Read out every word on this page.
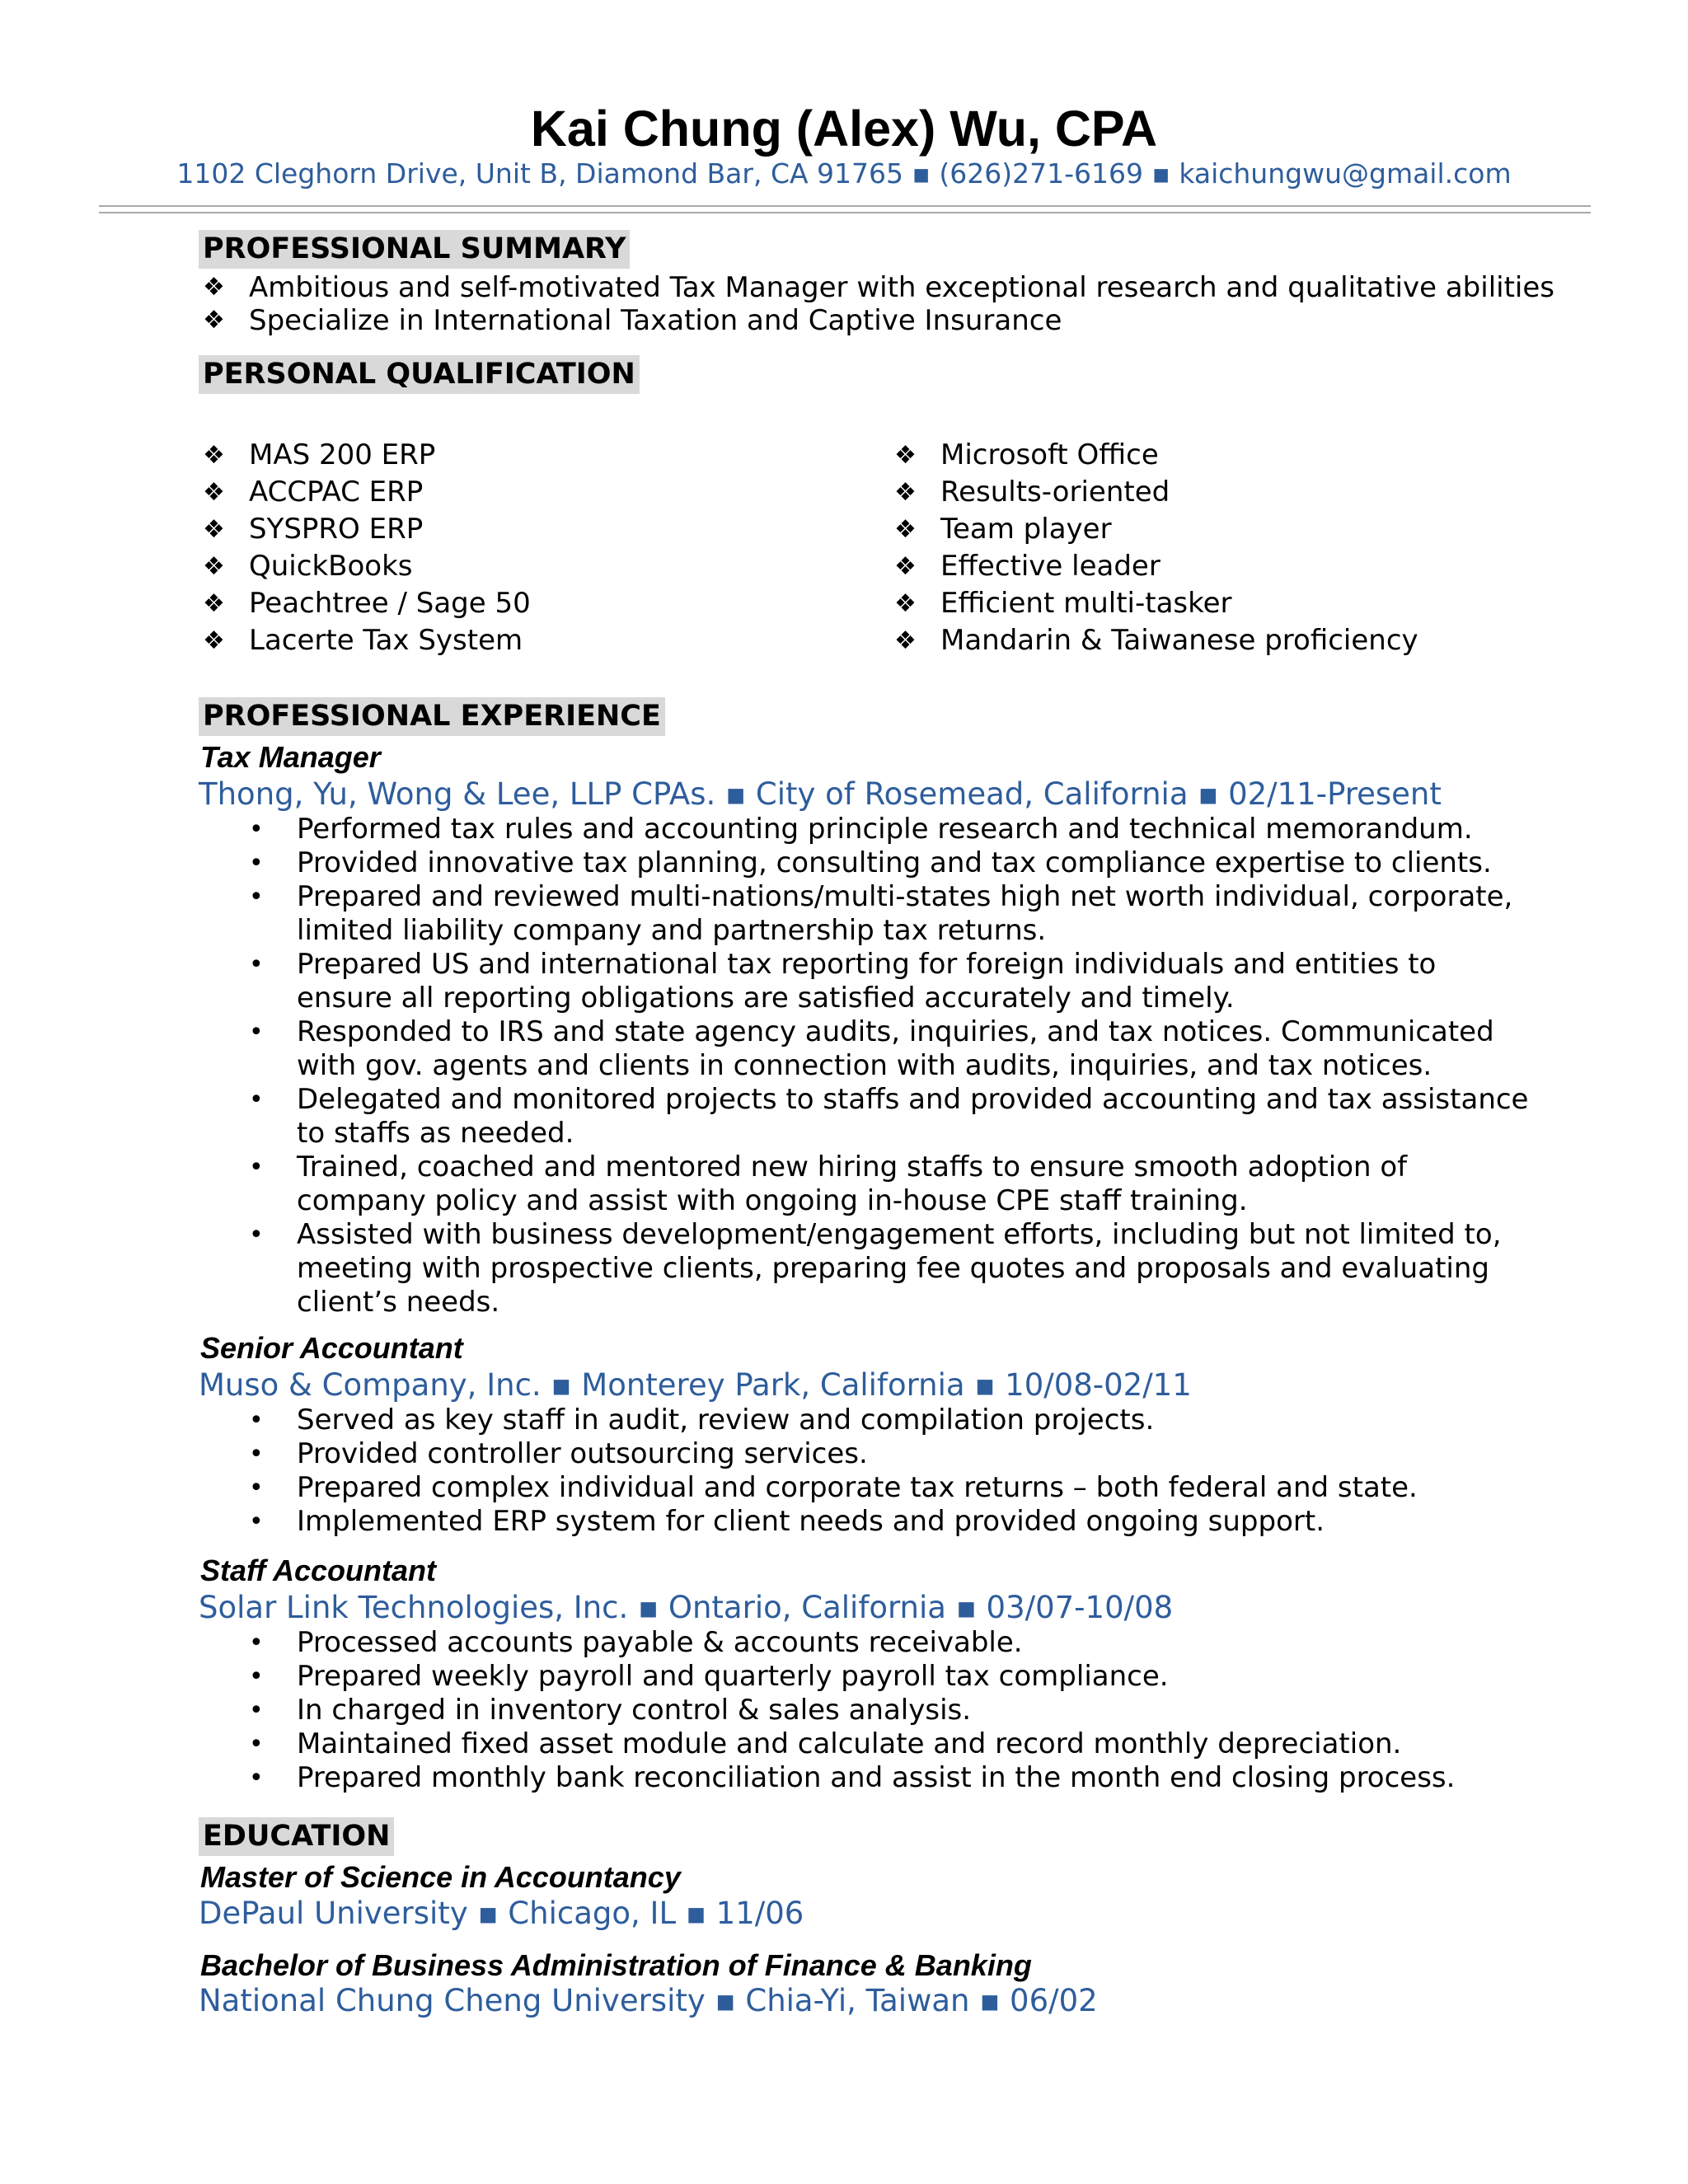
Kai Chung (Alex) Wu, CPA
1102 Cleghorn Drive, Unit B, Diamond Bar, CA 91765 ▪ (626)271-6169 ▪ kaichungwu@gmail.com
PROFESSIONAL SUMMARY
❖ Ambitious and self-motivated Tax Manager with exceptional research and qualitative abilities
❖ Specialize in International Taxation and Captive Insurance
PERSONAL QUALIFICATION
❖ MAS 200 ERP
❖ ACCPAC ERP
❖ SYSPRO ERP
❖ QuickBooks
❖ Peachtree / Sage 50
❖ Lacerte Tax System
❖ Microsoft Office
❖ Results-oriented
❖ Team player
❖ Effective leader
❖ Efficient multi-tasker
❖ Mandarin & Taiwanese proficiency
PROFESSIONAL EXPERIENCE
Tax Manager
Thong, Yu, Wong & Lee, LLP CPAs. ▪ City of Rosemead, California ▪ 02/11-Present
• Performed tax rules and accounting principle research and technical memorandum.
• Provided innovative tax planning, consulting and tax compliance expertise to clients.
• Prepared and reviewed multi-nations/multi-states high net worth individual, corporate, limited liability company and partnership tax returns.
• Prepared US and international tax reporting for foreign individuals and entities to ensure all reporting obligations are satisfied accurately and timely.
• Responded to IRS and state agency audits, inquiries, and tax notices. Communicated with gov. agents and clients in connection with audits, inquiries, and tax notices.
• Delegated and monitored projects to staffs and provided accounting and tax assistance to staffs as needed.
• Trained, coached and mentored new hiring staffs to ensure smooth adoption of company policy and assist with ongoing in-house CPE staff training.
• Assisted with business development/engagement efforts, including but not limited to, meeting with prospective clients, preparing fee quotes and proposals and evaluating client’s needs.
Senior Accountant
Muso & Company, Inc. ▪ Monterey Park, California ▪ 10/08-02/11
• Served as key staff in audit, review and compilation projects.
• Provided controller outsourcing services.
• Prepared complex individual and corporate tax returns – both federal and state.
• Implemented ERP system for client needs and provided ongoing support.
Staff Accountant
Solar Link Technologies, Inc. ▪ Ontario, California ▪ 03/07-10/08
• Processed accounts payable & accounts receivable.
• Prepared weekly payroll and quarterly payroll tax compliance.
• In charged in inventory control & sales analysis.
• Maintained fixed asset module and calculate and record monthly depreciation.
• Prepared monthly bank reconciliation and assist in the month end closing process.
EDUCATION
Master of Science in Accountancy
DePaul University ▪ Chicago, IL ▪ 11/06
Bachelor of Business Administration of Finance & Banking
National Chung Cheng University ▪ Chia-Yi, Taiwan ▪ 06/02
